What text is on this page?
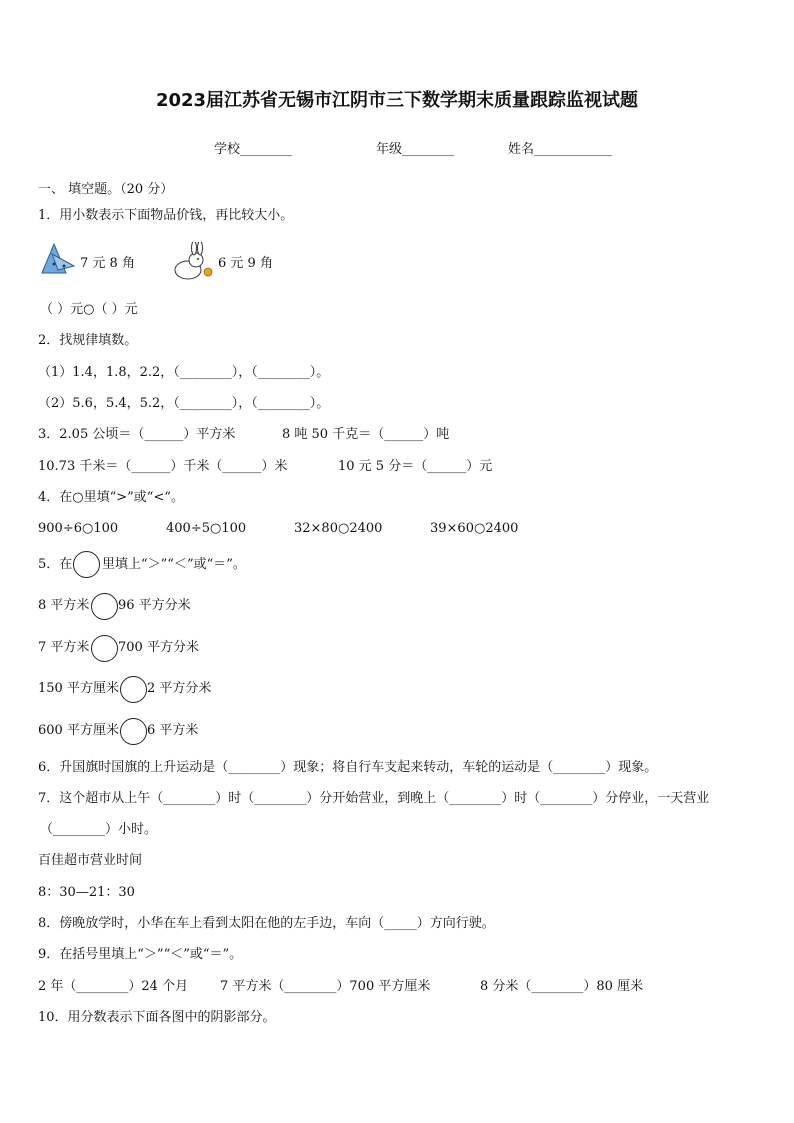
2023届江苏省无锡市江阴市三下数学期末质量跟踪监视试题
学校________	年级________	姓名____________
一、 填空题。（20 分）
1．用小数表示下面物品价钱，再比较大小。
7 元 8 角	6 元 9 角
（ ）元○（ ）元
2．找规律填数。
（1）1.4，1.8，2.2，（________），（________）。
（2）5.6，5.4，5.2，（________），（________）。
3．2.05 公顷＝（______）平方米	8 吨 50 千克＝（______）吨
10.73 千米＝（______）千米（______）米	10 元 5 分＝（______）元
4．在○里填“>”或“<”。
900÷6○100	400÷5○100	32×80○2400	39×60○2400
5．在 里填上“＞”“＜”或“＝”。
8 平方米 96 平方分米
7 平方米 700 平方分米
150 平方厘米 2 平方分米
600 平方厘米 6 平方米
6．升国旗时国旗的上升运动是（________）现象；将自行车支起来转动，车轮的运动是（________）现象。
7．这个超市从上午（________）时（________）分开始营业，到晚上（________）时（________）分停业，一天营业
（________）小时。
百佳超市营业时间
8：30—21：30
8．傍晚放学时，小华在车上看到太阳在他的左手边，车向（_____）方向行驶。
9．在括号里填上“＞”“＜”或“＝”。
2 年（________）24 个月 7 平方米（________）700 平方厘米	8 分米（________）80 厘米
10．用分数表示下面各图中的阴影部分。
